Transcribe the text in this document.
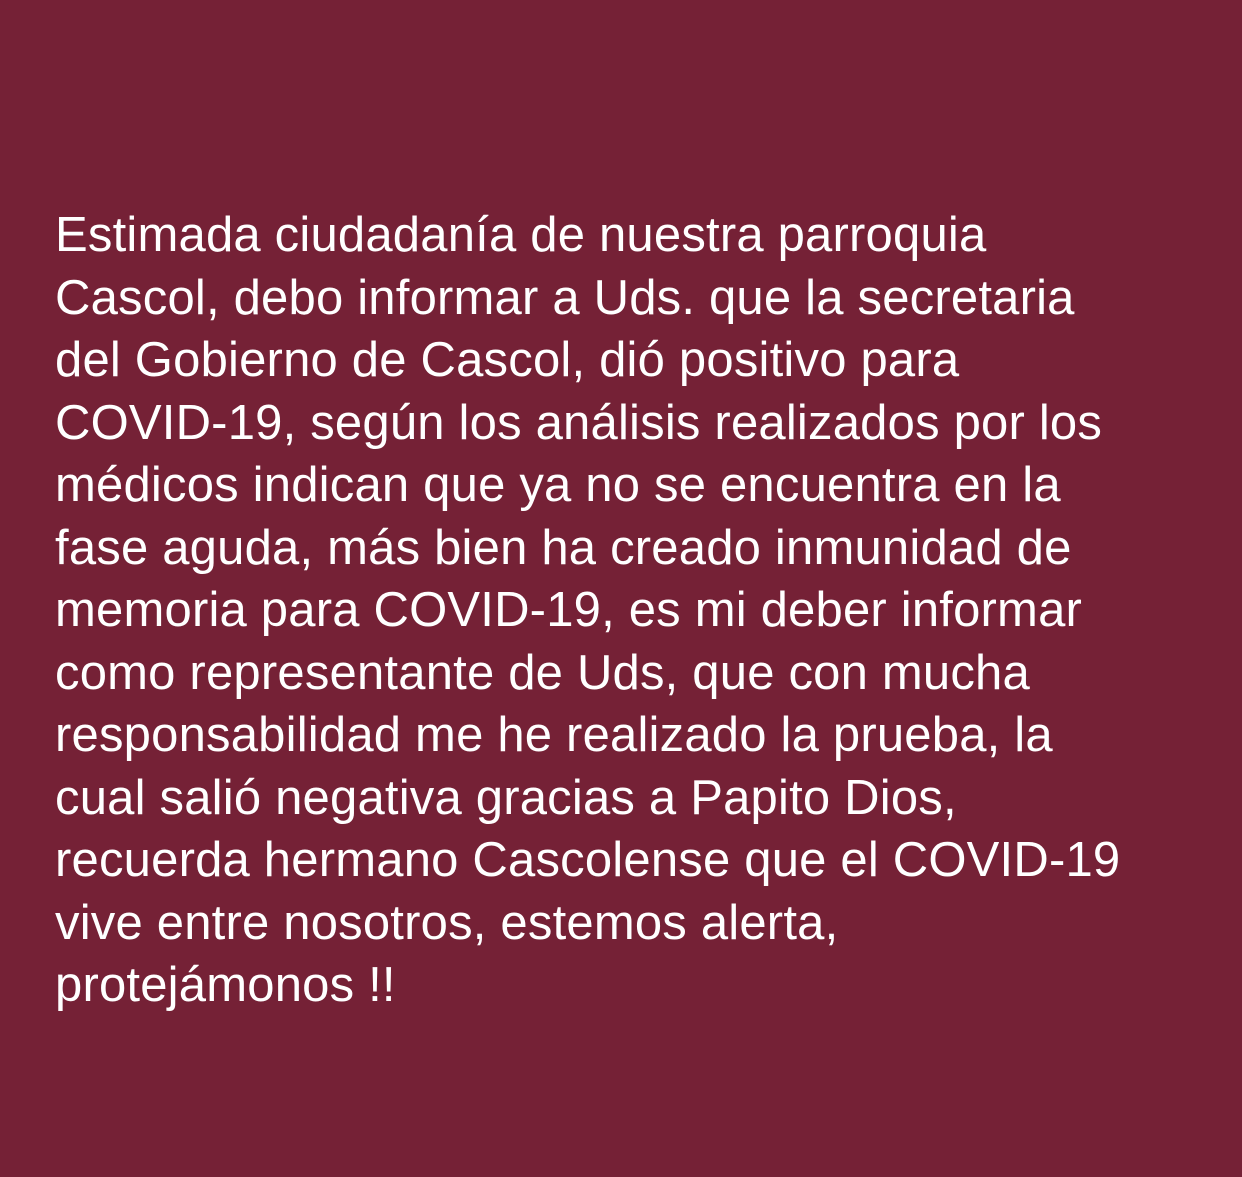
Estimada ciudadanía de nuestra parroquia
Cascol, debo informar a Uds. que la secretaria
del Gobierno de Cascol, dió positivo para
COVID-19, según los análisis realizados por los
médicos indican que ya no se encuentra en la
fase aguda, más bien ha creado inmunidad de
memoria para COVID-19, es mi deber informar
como representante de Uds, que con mucha
responsabilidad me he realizado la prueba, la
cual salió negativa gracias a Papito Dios,
recuerda hermano Cascolense que el COVID-19
vive entre nosotros, estemos alerta,
protejámonos !!
